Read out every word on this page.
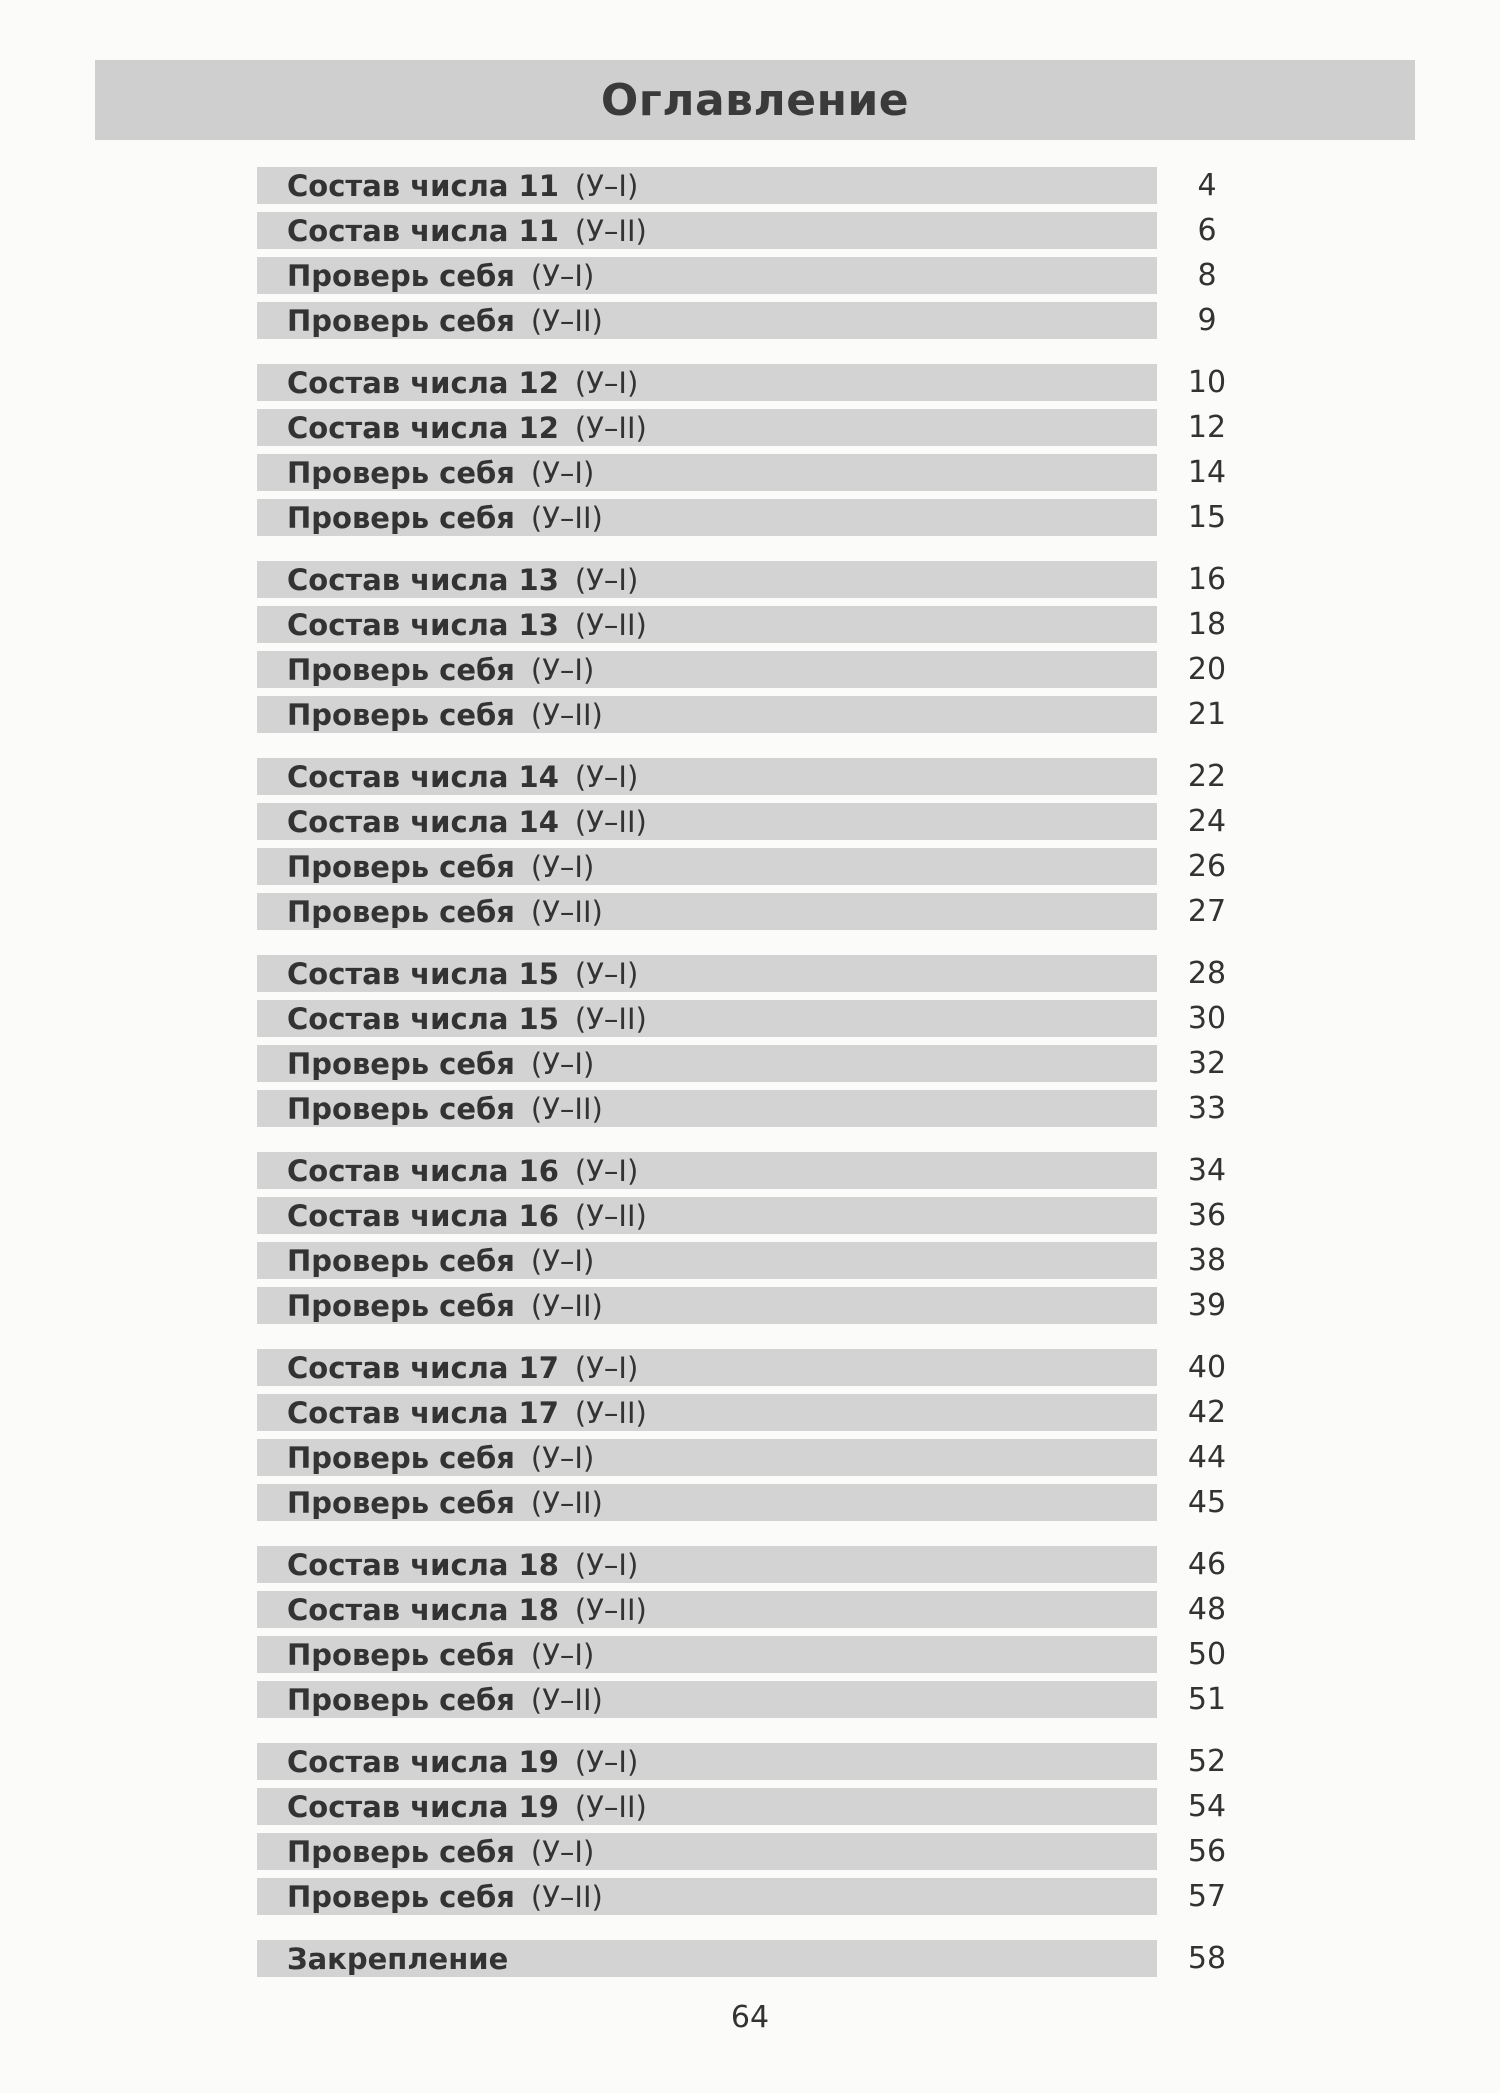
Оглавление
Состав числа 11 (У–I)	4
Состав числа 11 (У–II)	6
Проверь себя (У–I)	8
Проверь себя (У–II)	9
Состав числа 12 (У–I)	10
Состав числа 12 (У–II)	12
Проверь себя (У–I)	14
Проверь себя (У–II)	15
Состав числа 13 (У–I)	16
Состав числа 13 (У–II)	18
Проверь себя (У–I)	20
Проверь себя (У–II)	21
Состав числа 14 (У–I)	22
Состав числа 14 (У–II)	24
Проверь себя (У–I)	26
Проверь себя (У–II)	27
Состав числа 15 (У–I)	28
Состав числа 15 (У–II)	30
Проверь себя (У–I)	32
Проверь себя (У–II)	33
Состав числа 16 (У–I)	34
Состав числа 16 (У–II)	36
Проверь себя (У–I)	38
Проверь себя (У–II)	39
Состав числа 17 (У–I)	40
Состав числа 17 (У–II)	42
Проверь себя (У–I)	44
Проверь себя (У–II)	45
Состав числа 18 (У–I)	46
Состав числа 18 (У–II)	48
Проверь себя (У–I)	50
Проверь себя (У–II)	51
Состав числа 19 (У–I)	52
Состав числа 19 (У–II)	54
Проверь себя (У–I)	56
Проверь себя (У–II)	57
Закрепление	58
64
